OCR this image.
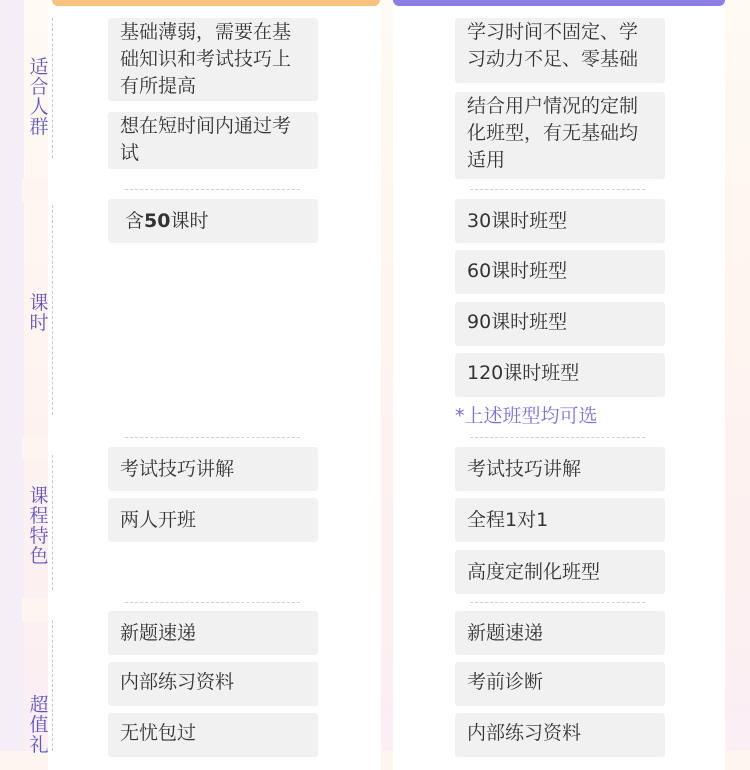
适
合
人
群
课
时
课
程
特
色
超
值
礼
基础薄弱，需要在基础知识和考试技巧上有所提高
想在短时间内通过考试
含50课时
考试技巧讲解
两人开班
新题速递
内部练习资料
无忧包过
学习时间不固定、学习动力不足、零基础
结合用户情况的定制化班型，有无基础均适用
30课时班型
60课时班型
90课时班型
120课时班型
*上述班型均可选
考试技巧讲解
全程1对1
高度定制化班型
新题速递
考前诊断
内部练习资料
